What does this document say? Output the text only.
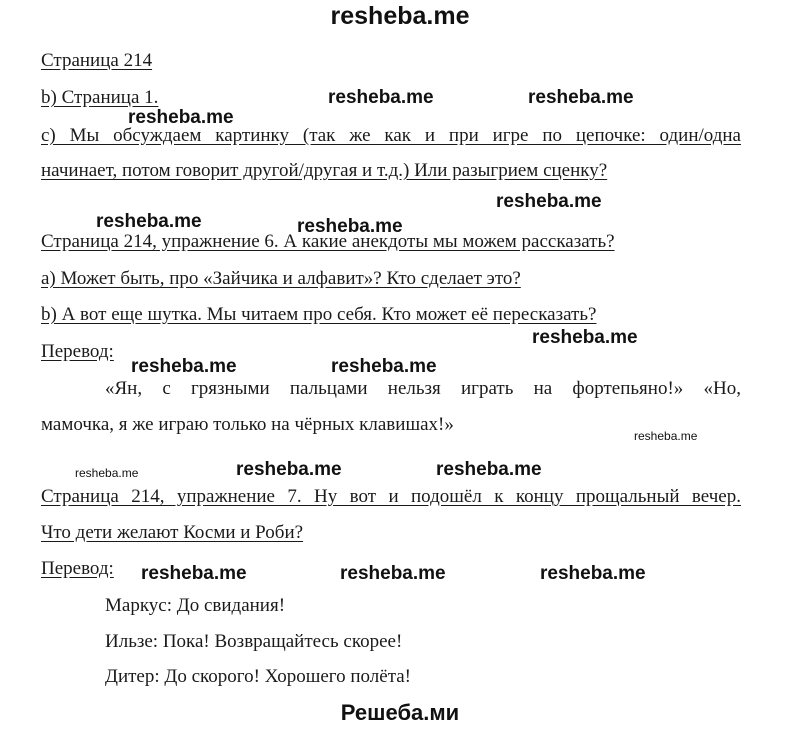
resheba.me
Страница 214
b) Страница 1.
c) Мы обсуждаем картинку (так же как и при игре по цепочке: один/одна
начинает, потом говорит другой/другая и т.д.) Или разыгрием сценку?
Страница 214, упражнение 6. А какие анекдоты мы можем рассказать?
a) Может быть, про «Зайчика и алфавит»? Кто сделает это?
b) А вот еще шутка. Мы читаем про себя. Кто может её пересказать?
Перевод:
«Ян, с грязными пальцами нельзя играть на фортепьяно!» «Но,
мамочка, я же играю только на чёрных клавишах!»
Страница 214, упражнение 7. Ну вот и подошёл к концу прощальный вечер.
Что дети желают Косми и Роби?
Перевод:
Маркус: До свидания!
Ильзе: Пока! Возвращайтесь скорее!
Дитер: До скорого! Хорошего полёта!
resheba.me	resheba.me
resheba.me
resheba.me
resheba.me	resheba.me
resheba.me
resheba.me	resheba.me
resheba.me
resheba.me	resheba.me	resheba.me
resheba.me	resheba.me	resheba.me
Решеба.ми
